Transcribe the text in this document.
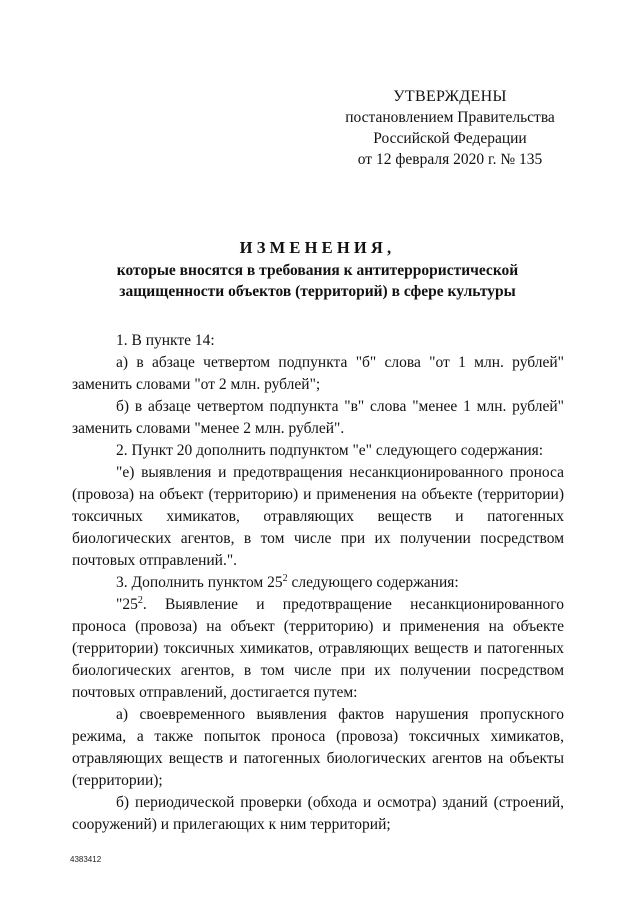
УТВЕРЖДЕНЫ
постановлением Правительства
Российской Федерации
от 12 февраля 2020 г. № 135
ИЗМЕНЕНИЯ,
которые вносятся в требования к антитеррористической
защищенности объектов (территорий) в сфере культуры

1. В пункте 14:

а) в абзаце четвертом подпункта "б" слова "от 1 млн. рублей" заменить словами "от 2 млн. рублей";

б) в абзаце четвертом подпункта "в" слова "менее 1 млн. рублей" заменить словами "менее 2 млн. рублей".

2. Пункт 20 дополнить подпунктом "е" следующего содержания:

"е) выявления и предотвращения несанкционированного проноса (провоза) на объект (территорию) и применения на объекте (территории) токсичных химикатов, отравляющих веществ и патогенных биологических агентов, в том числе при их получении посредством почтовых отправлений.".

3. Дополнить пунктом $25^2$ следующего содержания:

"$25^2$. Выявление и предотвращение несанкционированного проноса (провоза) на объект (территорию) и применения на объекте (территории) токсичных химикатов, отравляющих веществ и патогенных биологических агентов, в том числе при их получении посредством почтовых отправлений, достигается путем:

а) своевременного выявления фактов нарушения пропускного режима, а также попыток проноса (провоза) токсичных химикатов, отравляющих веществ и патогенных биологических агентов на объекты (территории);

б) периодической проверки (обхода и осмотра) зданий (строений, сооружений) и прилегающих к ним территорий;

4383412
